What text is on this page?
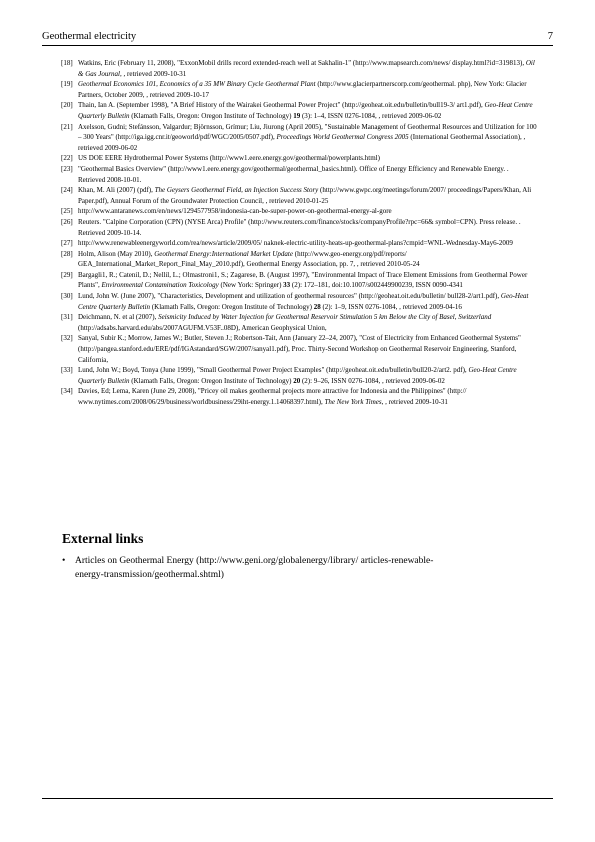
Geothermal electricity	7
[18] Watkins, Eric (February 11, 2008), "ExxonMobil drills record extended-reach well at Sakhalin-1" (http://www.mapsearch.com/news/ display.html?id=319813), Oil & Gas Journal, , retrieved 2009-10-31
[19] Geothermal Economics 101, Economics of a 35 MW Binary Cycle Geothermal Plant (http://www.glacierpartnerscorp.com/geothermal. php), New York: Glacier Partners, October 2009, , retrieved 2009-10-17
[20] Thain, Ian A. (September 1998), "A Brief History of the Wairakei Geothermal Power Project" (http://geoheat.oit.edu/bulletin/bull19-3/ art1.pdf), Geo-Heat Centre Quarterly Bulletin (Klamath Falls, Oregon: Oregon Institute of Technology) 19 (3): 1–4, ISSN 0276-1084, , retrieved 2009-06-02
[21] Axelsson, Gudni; Stefánsson, Valgardur; Björnsson, Grímur; Liu, Jiurong (April 2005), "Sustainable Management of Geothermal Resources and Utilization for 100 – 300 Years" (http://iga.igg.cnr.it/geoworld/pdf/WGC/2005/0507.pdf), Proceedings World Geothermal Congress 2005 (International Geothermal Association), , retrieved 2009-06-02
[22] US DOE EERE Hydrothermal Power Systems (http://www1.eere.energy.gov/geothermal/powerplants.html)
[23] "Geothermal Basics Overview" (http://www1.eere.energy.gov/geothermal/geothermal_basics.html). Office of Energy Efficiency and Renewable Energy. . Retrieved 2008-10-01.
[24] Khan, M. Ali (2007) (pdf), The Geysers Geothermal Field, an Injection Success Story (http://www.gwpc.org/meetings/forum/2007/ proceedings/Papers/Khan, Ali Paper.pdf), Annual Forum of the Groundwater Protection Council, , retrieved 2010-01-25
[25] http://www.antaranews.com/en/news/1294577958/indonesia-can-be-super-power-on-geothermal-energy-al-gore
[26] Reuters. "Calpine Corporation (CPN) (NYSE Arca) Profile" (http://www.reuters.com/finance/stocks/companyProfile?rpc=66& symbol=CPN). Press release. . Retrieved 2009-10-14.
[27] http://www.renewableenergyworld.com/rea/news/article/2009/05/ naknek-electric-utility-heats-up-geothermal-plans?cmpid=WNL-Wednesday-May6-2009
[28] Holm, Alison (May 2010), Geothermal Energy:International Market Update (http://www.geo-energy.org/pdf/reports/ GEA_International_Market_Report_Final_May_2010.pdf), Geothermal Energy Association, pp. 7, , retrieved 2010-05-24
[29] Bargagli1, R.; Catenil, D.; Nellil, L.; Olmastroni1, S.; Zagarese, B. (August 1997), "Environmental Impact of Trace Element Emissions from Geothermal Power Plants", Environmental Contamination Toxicology (New York: Springer) 33 (2): 172–181, doi:10.1007/s002449900239, ISSN 0090-4341
[30] Lund, John W. (June 2007), "Characteristics, Development and utilization of geothermal resources" (http://geoheat.oit.edu/bulletin/ bull28-2/art1.pdf), Geo-Heat Centre Quarterly Bulletin (Klamath Falls, Oregon: Oregon Institute of Technology) 28 (2): 1–9, ISSN 0276-1084, , retrieved 2009-04-16
[31] Deichmann, N. et al (2007), Seismicity Induced by Water Injection for Geothermal Reservoir Stimulation 5 km Below the City of Basel, Switzerland (http://adsabs.harvard.edu/abs/2007AGUFM.V53F..08D), American Geophysical Union,
[32] Sanyal, Subir K.; Morrow, James W.; Butler, Steven J.; Robertson-Tait, Ann (January 22–24, 2007), "Cost of Electricity from Enhanced Geothermal Systems" (http://pangea.stanford.edu/ERE/pdf/IGAstandard/SGW/2007/sanyal1.pdf), Proc. Thirty-Second Workshop on Geothermal Reservoir Engineering, Stanford, California,
[33] Lund, John W.; Boyd, Tonya (June 1999), "Small Geothermal Power Project Examples" (http://geoheat.oit.edu/bulletin/bull20-2/art2. pdf), Geo-Heat Centre Quarterly Bulletin (Klamath Falls, Oregon: Oregon Institute of Technology) 20 (2): 9–26, ISSN 0276-1084, , retrieved 2009-06-02
[34] Davies, Ed; Lema, Karen (June 29, 2008), "Pricey oil makes geothermal projects more attractive for Indonesia and the Philippines" (http:// www.nytimes.com/2008/06/29/business/worldbusiness/29iht-energy.1.14068397.html), The New York Times, , retrieved 2009-10-31
External links
• Articles on Geothermal Energy (http://www.geni.org/globalenergy/library/ articles-renewable-energy-transmission/geothermal.shtml)
